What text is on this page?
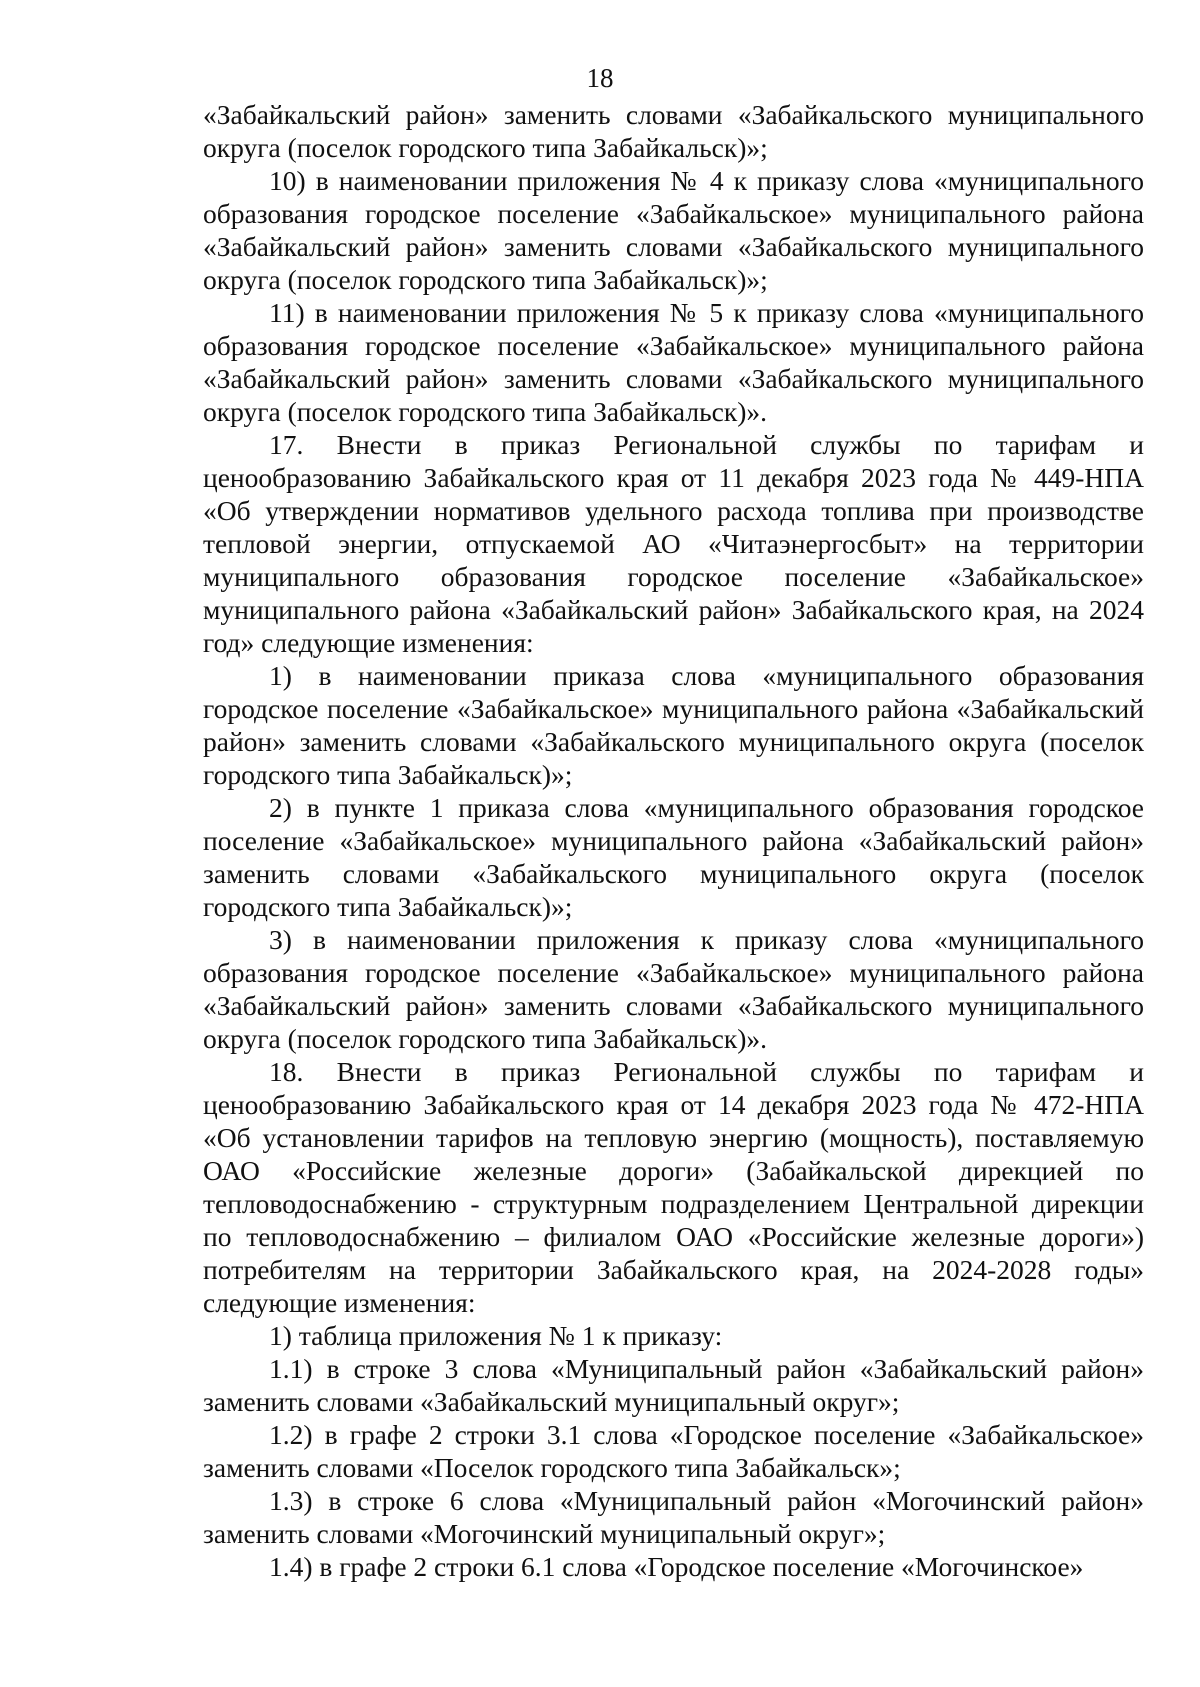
18

«Забайкальский район» заменить словами «Забайкальского муниципального округа (поселок городского типа Забайкальск)»;

10) в наименовании приложения № 4 к приказу слова «муниципального образования городское поселение «Забайкальское» муниципального района «Забайкальский район» заменить словами «Забайкальского муниципального округа (поселок городского типа Забайкальск)»;

11) в наименовании приложения № 5 к приказу слова «муниципального образования городское поселение «Забайкальское» муниципального района «Забайкальский район» заменить словами «Забайкальского муниципального округа (поселок городского типа Забайкальск)».

17. Внести в приказ Региональной службы по тарифам и ценообразованию Забайкальского края от 11 декабря 2023 года № 449-НПА «Об утверждении нормативов удельного расхода топлива при производстве тепловой энергии, отпускаемой АО «Читаэнергосбыт» на территории муниципального образования городское поселение «Забайкальское» муниципального района «Забайкальский район» Забайкальского края, на 2024 год» следующие изменения:

1) в наименовании приказа слова «муниципального образования городское поселение «Забайкальское» муниципального района «Забайкальский район» заменить словами «Забайкальского муниципального округа (поселок городского типа Забайкальск)»;

2) в пункте 1 приказа слова «муниципального образования городское поселение «Забайкальское» муниципального района «Забайкальский район» заменить словами «Забайкальского муниципального округа (поселок городского типа Забайкальск)»;

3) в наименовании приложения к приказу слова «муниципального образования городское поселение «Забайкальское» муниципального района «Забайкальский район» заменить словами «Забайкальского муниципального округа (поселок городского типа Забайкальск)».

18. Внести в приказ Региональной службы по тарифам и ценообразованию Забайкальского края от 14 декабря 2023 года № 472-НПА «Об установлении тарифов на тепловую энергию (мощность), поставляемую ОАО «Российские железные дороги» (Забайкальской дирекцией по тепловодоснабжению - структурным подразделением Центральной дирекции по тепловодоснабжению – филиалом ОАО «Российские железные дороги») потребителям на территории Забайкальского края, на 2024-2028 годы» следующие изменения:

1) таблица приложения № 1 к приказу:

1.1) в строке 3 слова «Муниципальный район «Забайкальский район» заменить словами «Забайкальский муниципальный округ»;

1.2) в графе 2 строки 3.1 слова «Городское поселение «Забайкальское» заменить словами «Поселок городского типа Забайкальск»;

1.3) в строке 6 слова «Муниципальный район «Могочинский район» заменить словами «Могочинский муниципальный округ»;

1.4) в графе 2 строки 6.1 слова «Городское поселение «Могочинское»
